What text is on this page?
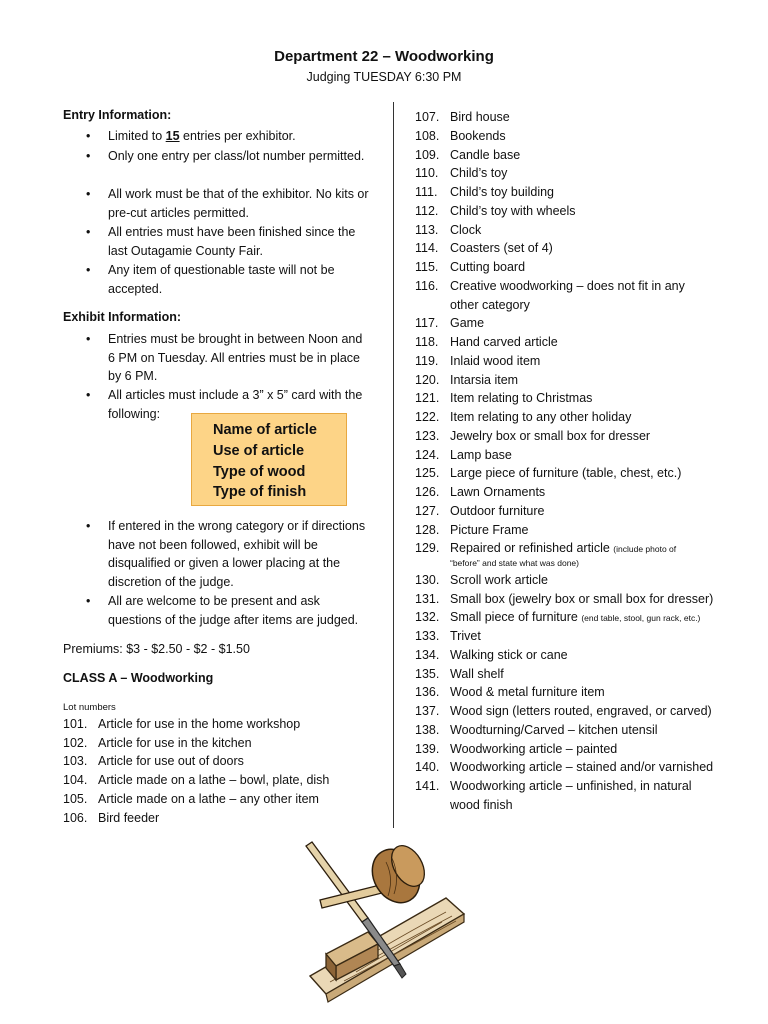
Department 22 – Woodworking
Judging TUESDAY 6:30 PM
Entry Information:
• Limited to 15 entries per exhibitor.
• Only one entry per class/lot number permitted.
• All work must be that of the exhibitor. No kits or pre-cut articles permitted.
• All entries must have been finished since the last Outagamie County Fair.
• Any item of questionable taste will not be accepted.
Exhibit Information:
• Entries must be brought in between Noon and 6 PM on Tuesday. All entries must be in place by 6 PM.
• All articles must include a 3” x 5” card with the following:
Name of article
Use of article
Type of wood
Type of finish
• If entered in the wrong category or if directions have not been followed, exhibit will be disqualified or given a lower placing at the discretion of the judge.
• All are welcome to be present and ask questions of the judge after items are judged.
Premiums: $3 - $2.50 - $2 - $1.50
CLASS A – Woodworking
Lot numbers
101. Article for use in the home workshop
102. Article for use in the kitchen
103. Article for use out of doors
104. Article made on a lathe – bowl, plate, dish
105. Article made on a lathe – any other item
106. Bird feeder
107. Bird house
108. Bookends
109. Candle base
110. Child’s toy
111. Child’s toy building
112. Child’s toy with wheels
113. Clock
114. Coasters (set of 4)
115. Cutting board
116. Creative woodworking – does not fit in any
other category
117. Game
118. Hand carved article
119. Inlaid wood item
120. Intarsia item
121. Item relating to Christmas
122. Item relating to any other holiday
123. Jewelry box or small box for dresser
124. Lamp base
125. Large piece of furniture (table, chest, etc.)
126. Lawn Ornaments
127. Outdoor furniture
128. Picture Frame
129. Repaired or refinished article (include photo of
“before” and state what was done)
130. Scroll work article
131. Small box (jewelry box or small box for dresser)
132. Small piece of furniture (end table, stool, gun rack, etc.)
133. Trivet
134. Walking stick or cane
135. Wall shelf
136. Wood & metal furniture item
137. Wood sign (letters routed, engraved, or carved)
138. Woodturning/Carved – kitchen utensil
139. Woodworking article – painted
140. Woodworking article – stained and/or varnished
141. Woodworking article – unfinished, in natural
wood finish
